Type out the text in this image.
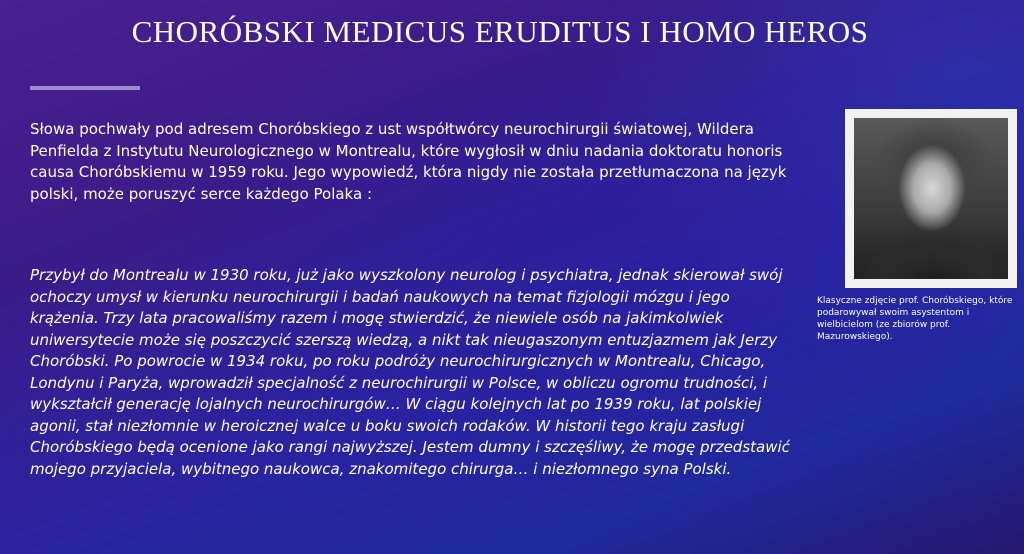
CHORÓBSKI MEDICUS ERUDITUS I HOMO HEROS
Słowa pochwały pod adresem Choróbskiego z ust współtwórcy neurochirurgii światowej, Wildera Penfielda z Instytutu Neurologicznego w Montrealu, które wygłosił w dniu nadania doktoratu honoris causa Choróbskiemu w 1959 roku. Jego wypowiedź, która nigdy nie została przetłumaczona na język polski, może poruszyć serce każdego Polaka :
Przybył do Montrealu w 1930 roku, już jako wyszkolony neurolog i psychiatra, jednak skierował swój ochoczy umysł w kierunku neurochirurgii i badań naukowych na temat fizjologii mózgu i jego krążenia. Trzy lata pracowaliśmy razem i mogę stwierdzić, że niewiele osób na jakimkolwiek uniwersytecie może się poszczycić szerszą wiedzą, a nikt tak nieugaszonym entuzjazmem jak Jerzy Choróbski. Po powrocie w 1934 roku, po roku podróży neurochirurgicznych w Montrealu, Chicago, Londynu i Paryża, wprowadził specjalność z neurochirurgii w Polsce, w obliczu ogromu trudności, i wykształcił generację lojalnych neurochirurgów… W ciągu kolejnych lat po 1939 roku, lat polskiej agonii, stał niezłomnie w heroicznej walce u boku swoich rodaków. W historii tego kraju zasługi Choróbskiego będą ocenione jako rangi najwyższej. Jestem dumny i szczęśliwy, że mogę przedstawić mojego przyjaciela, wybitnego naukowca, znakomitego chirurga… i niezłomnego syna Polski.
Klasyczne zdjęcie prof. Choróbskiego, które podarowywał swoim asystentom i wielbicielom (ze zbiorów prof. Mazurowskiego).
